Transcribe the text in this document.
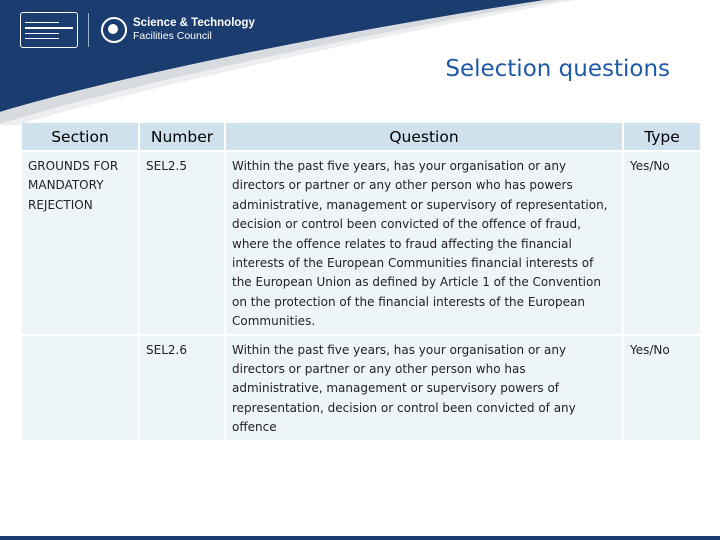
Science & Technology
Facilities Council
Selection questions
Section	Number	Question	Type
GROUNDS FOR MANDATORY REJECTION	SEL2.5	Within the past five years, has your organisation or any directors or partner or any other person who has powers administrative, management or supervisory of representation, decision or control been convicted of the offence of fraud, where the offence relates to fraud affecting the financial interests of the European Communities financial interests of the European Union as defined by Article 1 of the Convention on the protection of the financial interests of the European Communities.	Yes/No
	SEL2.6	Within the past five years, has your organisation or any directors or partner or any other person who has administrative, management or supervisory powers of representation, decision or control been convicted of any offence	Yes/No
